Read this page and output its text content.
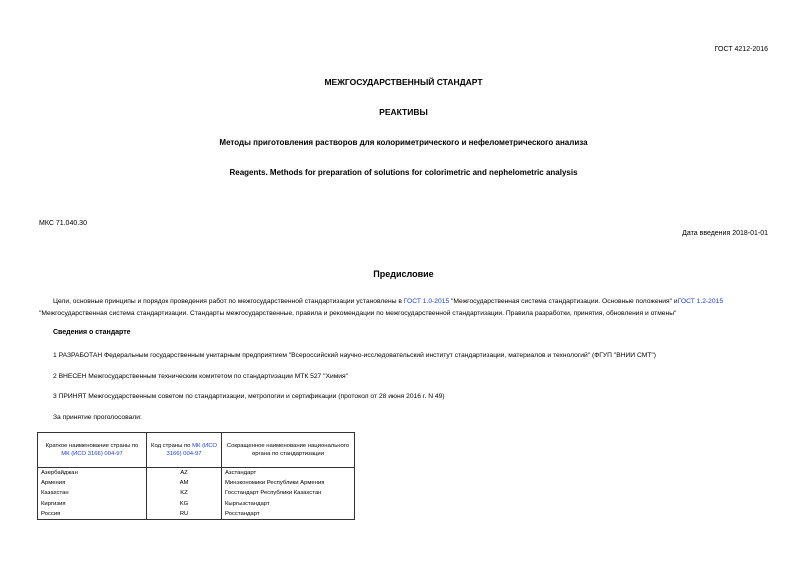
ГОСТ 4212-2016
МЕЖГОСУДАРСТВЕННЫЙ СТАНДАРТ
РЕАКТИВЫ
Методы приготовления растворов для колориметрического и нефелометрического анализа
Reagents. Methods for preparation of solutions for colorimetric and nephelometric analysis
МКС 71.040.30
Дата введения 2018-01-01
Предисловие
Цели, основные принципы и порядок проведения работ по межгосударственной стандартизации установлены в ГОСТ 1.0-2015 "Межгосударственная система стандартизации. Основные положения" иГОСТ 1.2-2015 "Межгосударственная система стандартизации. Стандарты межгосударственные, правила и рекомендации по межгосударственной стандартизации. Правила разработки, принятия, обновления и отмены"
Сведения о стандарте
1 РАЗРАБОТАН Федеральным государственным унитарным предприятием "Всероссийский научно-исследовательский институт стандартизации, материалов и технологий" (ФГУП "ВНИИ СМТ")
2 ВНЕСЕН Межгосударственным техническим комитетом по стандартизации МТК 527 "Химия"
3 ПРИНЯТ Межгосударственным советом по стандартизации, метрологии и сертификации (протокол от 28 июня 2016 г. N 49)
За принятие проголосовали:
Краткое наименование страны по МК (ИСО 3166) 004-97	Код страны по МК (ИСО 3166) 004-97	Сокращенное наименование национального органа по стандартизации
Азербайджан	AZ	Азстандарт
Армения	AM	Минэкономики Республики Армения
Казахстан	KZ	Госстандарт Республики Казахстан
Киргизия	KG	Кыргызстандарт
Россия	RU	Росстандарт
